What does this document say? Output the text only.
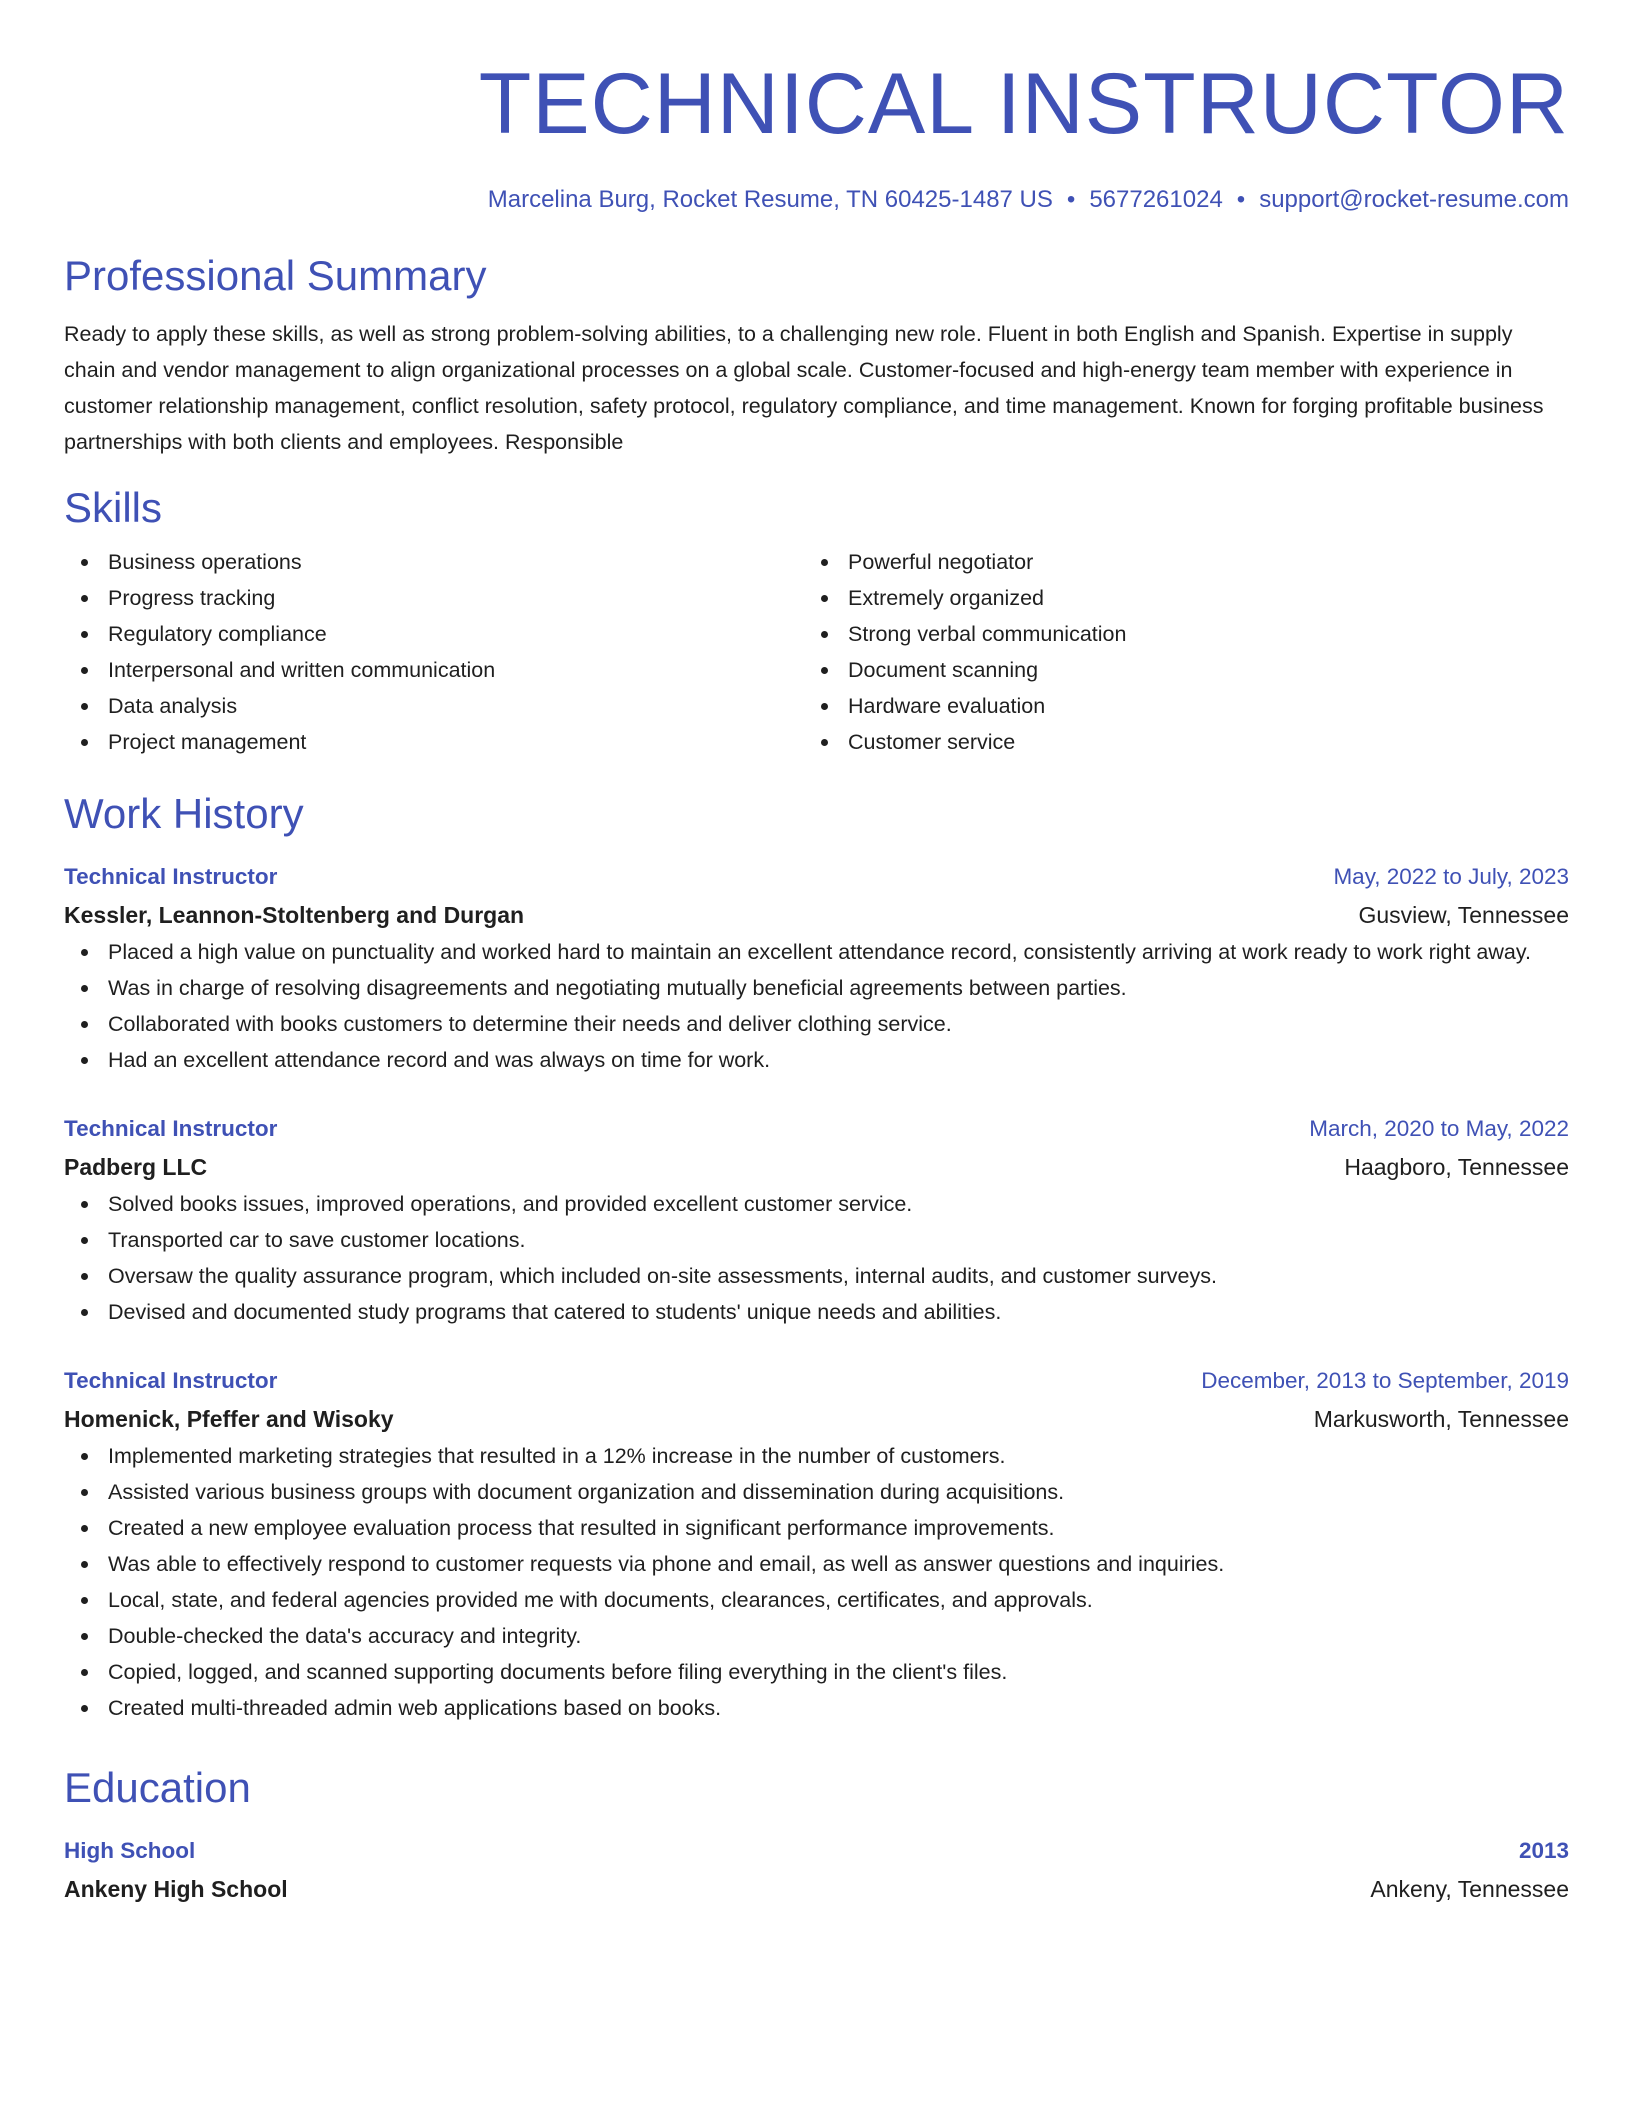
TECHNICAL INSTRUCTOR
Marcelina Burg, Rocket Resume, TN 60425-1487 US • 5677261024 • support@rocket-resume.com
Professional Summary

Ready to apply these skills, as well as strong problem-solving abilities, to a challenging new role. Fluent in both English and Spanish. Expertise in supply chain and vendor management to align organizational processes on a global scale. Customer-focused and high-energy team member with experience in customer relationship management, conflict resolution, safety protocol, regulatory compliance, and time management. Known for forging profitable business partnerships with both clients and employees. Responsible

Skills
Business operations
Progress tracking
Regulatory compliance
Interpersonal and written communication
Data analysis
Project management
Powerful negotiator
Extremely organized
Strong verbal communication
Document scanning
Hardware evaluation
Customer service
Work History
Technical Instructor	May, 2022 to July, 2023
Kessler, Leannon-Stoltenberg and Durgan	Gusview, Tennessee
Placed a high value on punctuality and worked hard to maintain an excellent attendance record, consistently arriving at work ready to work right away.
Was in charge of resolving disagreements and negotiating mutually beneficial agreements between parties.
Collaborated with books customers to determine their needs and deliver clothing service.
Had an excellent attendance record and was always on time for work.
Technical Instructor	March, 2020 to May, 2022
Padberg LLC	Haagboro, Tennessee
Solved books issues, improved operations, and provided excellent customer service.
Transported car to save customer locations.
Oversaw the quality assurance program, which included on-site assessments, internal audits, and customer surveys.
Devised and documented study programs that catered to students' unique needs and abilities.
Technical Instructor	December, 2013 to September, 2019
Homenick, Pfeffer and Wisoky	Markusworth, Tennessee
Implemented marketing strategies that resulted in a 12% increase in the number of customers.
Assisted various business groups with document organization and dissemination during acquisitions.
Created a new employee evaluation process that resulted in significant performance improvements.
Was able to effectively respond to customer requests via phone and email, as well as answer questions and inquiries.
Local, state, and federal agencies provided me with documents, clearances, certificates, and approvals.
Double-checked the data's accuracy and integrity.
Copied, logged, and scanned supporting documents before filing everything in the client's files.
Created multi-threaded admin web applications based on books.
Education
High School	2013
Ankeny High School	Ankeny, Tennessee
